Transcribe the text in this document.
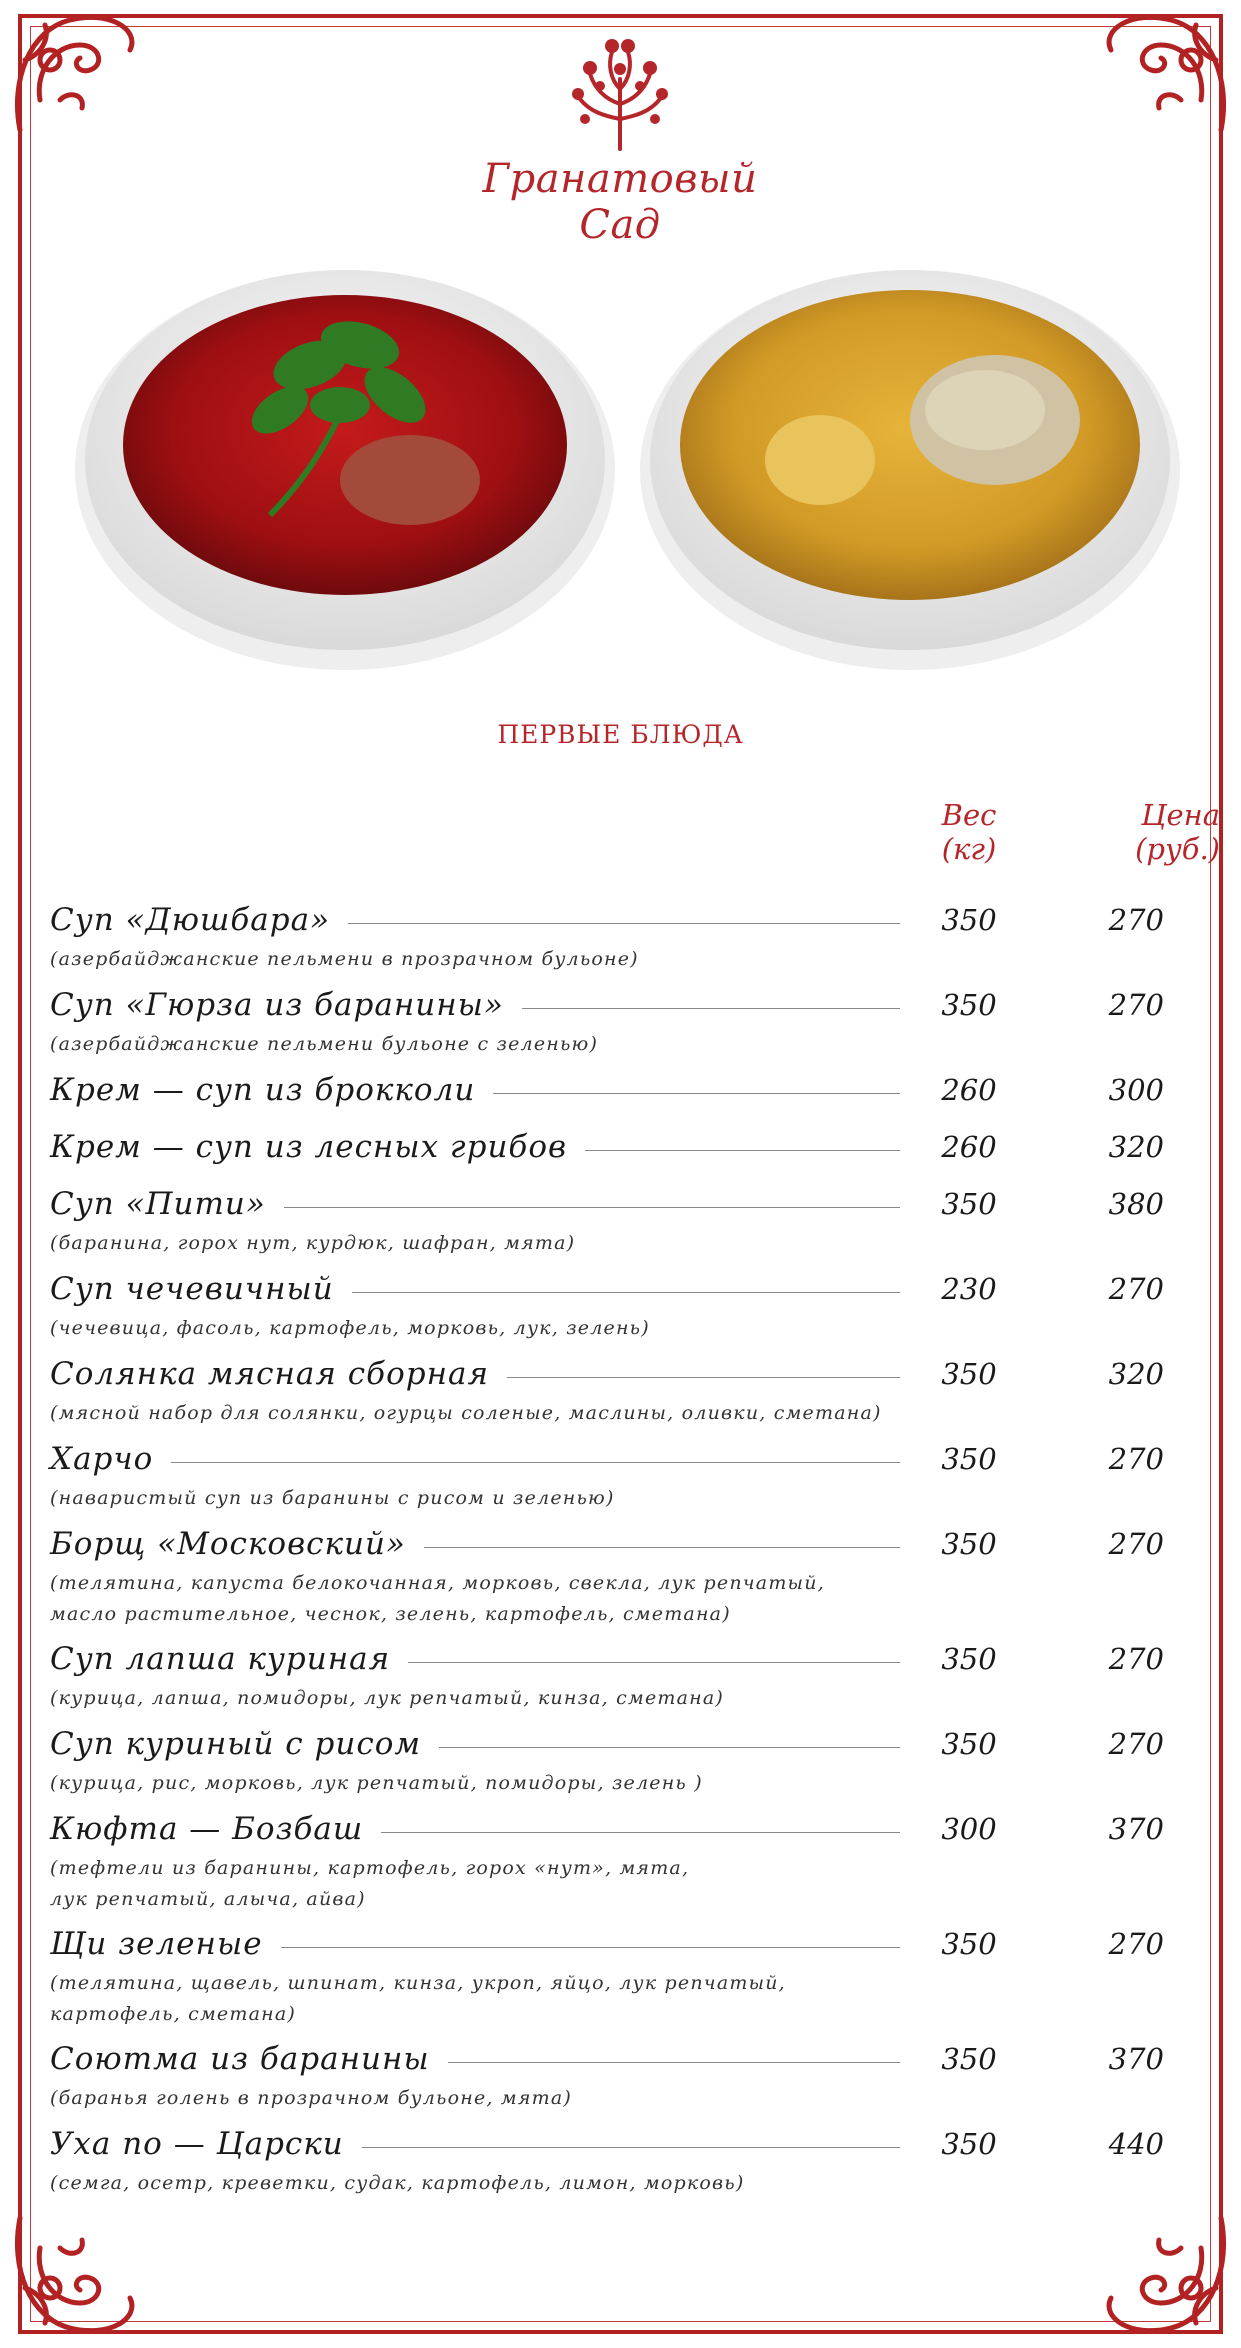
Гранатовый Сад
ПЕРВЫЕ БЛЮДА
Вес
(кг)
Цена
(руб.)
Суп «Дюшбара»	350	270
(азербайджанские пельмени в прозрачном бульоне)
Суп «Гюрза из баранины»	350	270
(азербайджанские пельмени бульоне с зеленью)
Крем — суп из брокколи	260	300
Крем — суп из лесных грибов	260	320
Суп «Пити»	350	380
(баранина, горох нут, курдюк, шафран, мята)
Суп чечевичный	230	270
(чечевица, фасоль, картофель, морковь, лук, зелень)
Солянка мясная сборная	350	320
(мясной набор для солянки, огурцы соленые, маслины, оливки, сметана)
Харчо	350	270
(наваристый суп из баранины с рисом и зеленью)
Борщ «Московский»	350	270
(телятина, капуста белокочанная, морковь, свекла, лук репчатый,
масло растительное, чеснок, зелень, картофель, сметана)
Суп лапша куриная	350	270
(курица, лапша, помидоры, лук репчатый, кинза, сметана)
Суп куриный с рисом	350	270
(курица, рис, морковь, лук репчатый, помидоры, зелень )
Кюфта — Бозбаш	300	370
(тефтели из баранины, картофель, горох «нут», мята,
лук репчатый, алыча, айва)
Щи зеленые	350	270
(телятина, щавель, шпинат, кинза, укроп, яйцо, лук репчатый,
картофель, сметана)
Соютма из баранины	350	370
(баранья голень в прозрачном бульоне, мята)
Уха по — Царски	350	440
(семга, осетр, креветки, судак, картофель, лимон, морковь)
